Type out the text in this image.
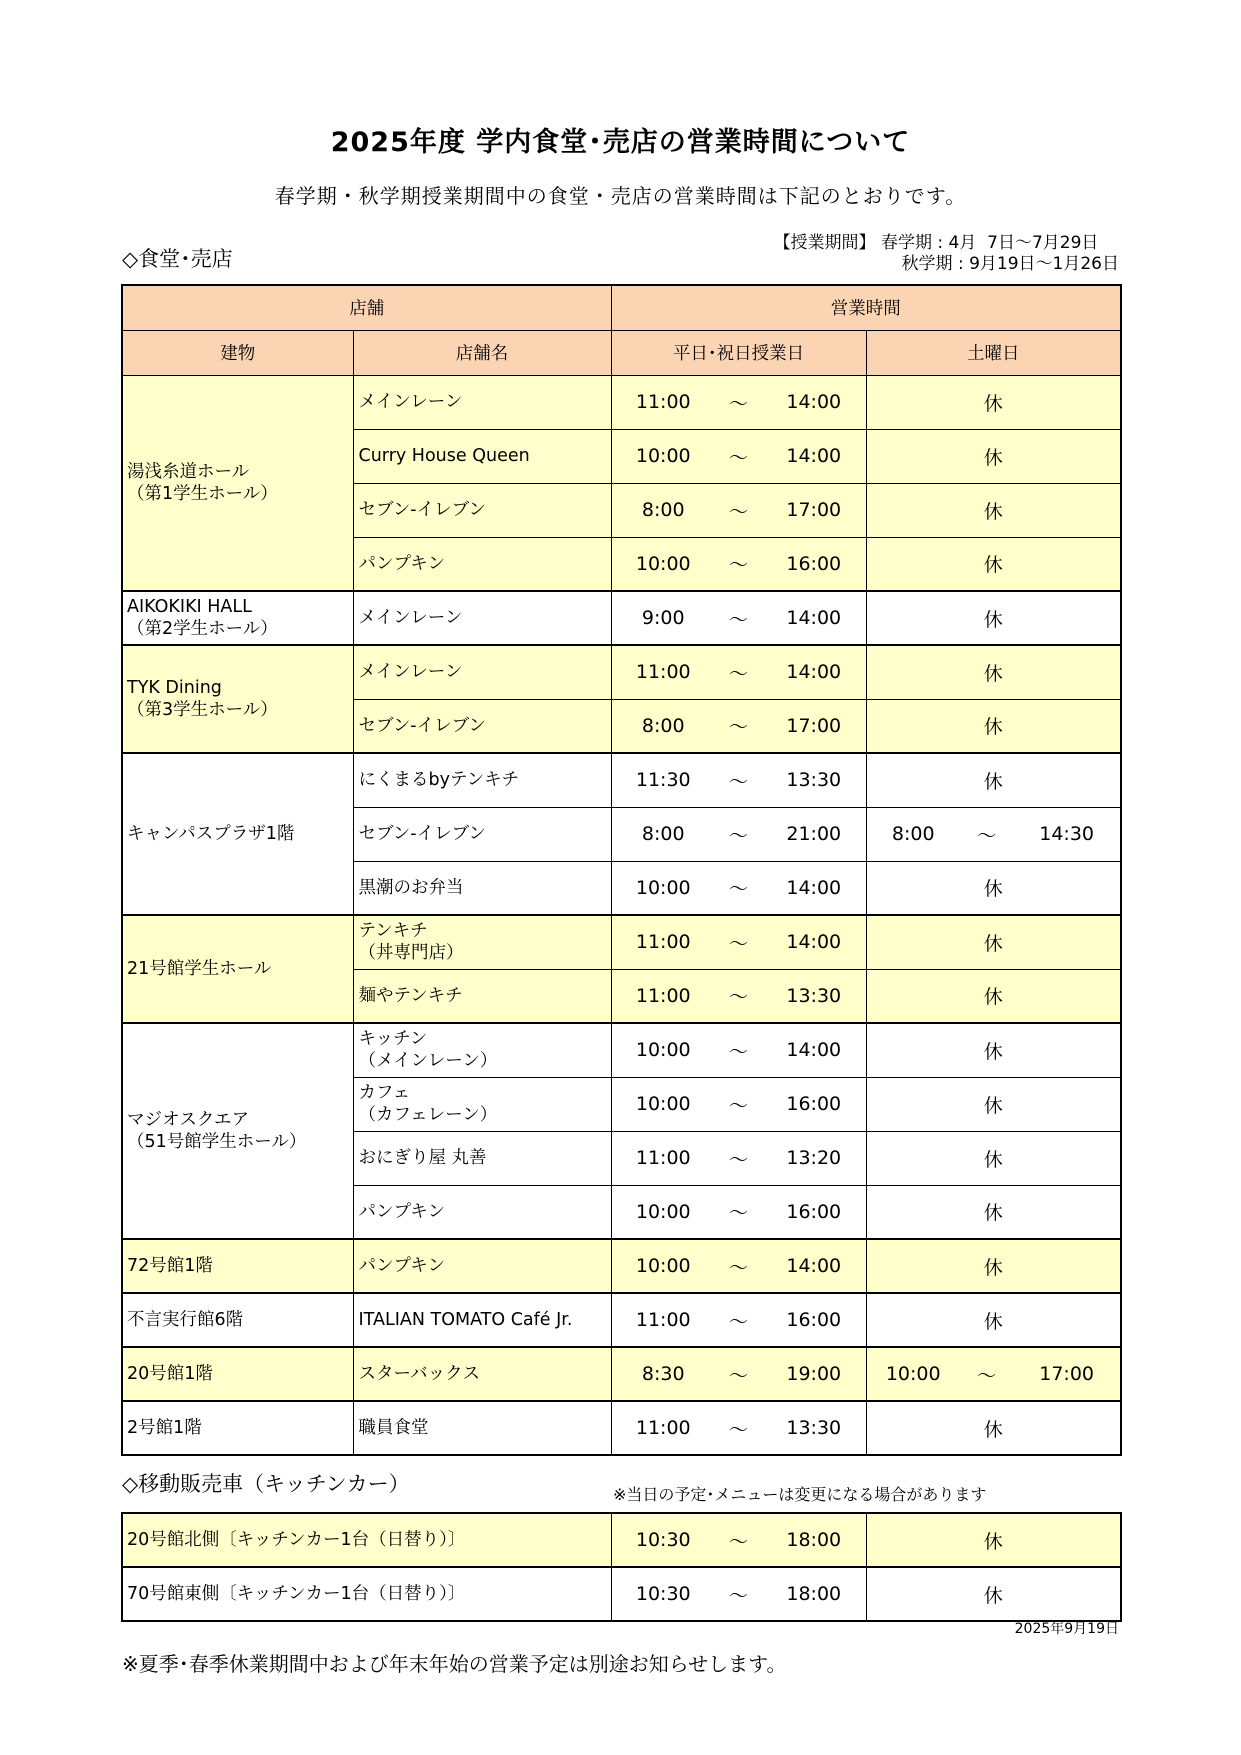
2025年度 学内食堂･売店の営業時間について
春学期・秋学期授業期間中の食堂・売店の営業時間は下記のとおりです。
◇食堂･売店
【授業期間】 春学期 : 4月  7日～7月29日
秋学期 : 9月19日～1月26日
店舗		営業時間	
建物	店舗名	平日･祝日授業日	土曜日
湯浅糸道ホール
（第1学生ホール）	メインレーン	11:00 ～ 14:00	休
	Curry House Queen	10:00 ～ 14:00	休
	セブン-イレブン	8:00 ～ 17:00	休
	パンプキン	10:00 ～ 16:00	休
AIKOKIKI HALL
（第2学生ホール）	メインレーン	9:00 ～ 14:00	休
TYK Dining
（第3学生ホール）	メインレーン	11:00 ～ 14:00	休
	セブン-イレブン	8:00 ～ 17:00	休
キャンパスプラザ1階	にくまるbyテンキチ	11:30 ～ 13:30	休
	セブン-イレブン	8:00 ～ 21:00	8:00 ～ 14:30

	黒潮のお弁当	10:00 ～ 14:00	休
21号館学生ホール	テンキチ
（丼専門店）	11:00 ～ 14:00	休
	麺やテンキチ	11:00 ～ 13:30	休
マジオスクエア
（51号館学生ホール）	キッチン
（メインレーン）	10:00 ～ 14:00	休
	カフェ
（カフェレーン）	10:00 ～ 16:00	休
	おにぎり屋 丸善	11:00 ～ 13:20	休
	パンプキン	10:00 ～ 16:00	休
72号館1階	パンプキン	10:00 ～ 14:00	休
不言実行館6階	ITALIAN TOMATO Café Jr.	11:00 ～ 16:00	休
20号館1階	スターバックス	8:30 ～ 19:00	10:00 ～ 17:00

2号館1階	職員食堂	11:00 ～ 13:30	休
◇移動販売車（キッチンカー）	※当日の予定･メニューは変更になる場合があります
20号館北側〔キッチンカー1台（日替り）〕	10:30 ～ 18:00	休
70号館東側〔キッチンカー1台（日替り）〕	10:30 ～ 18:00	休
2025年9月19日
※夏季･春季休業期間中および年末年始の営業予定は別途お知らせします。
